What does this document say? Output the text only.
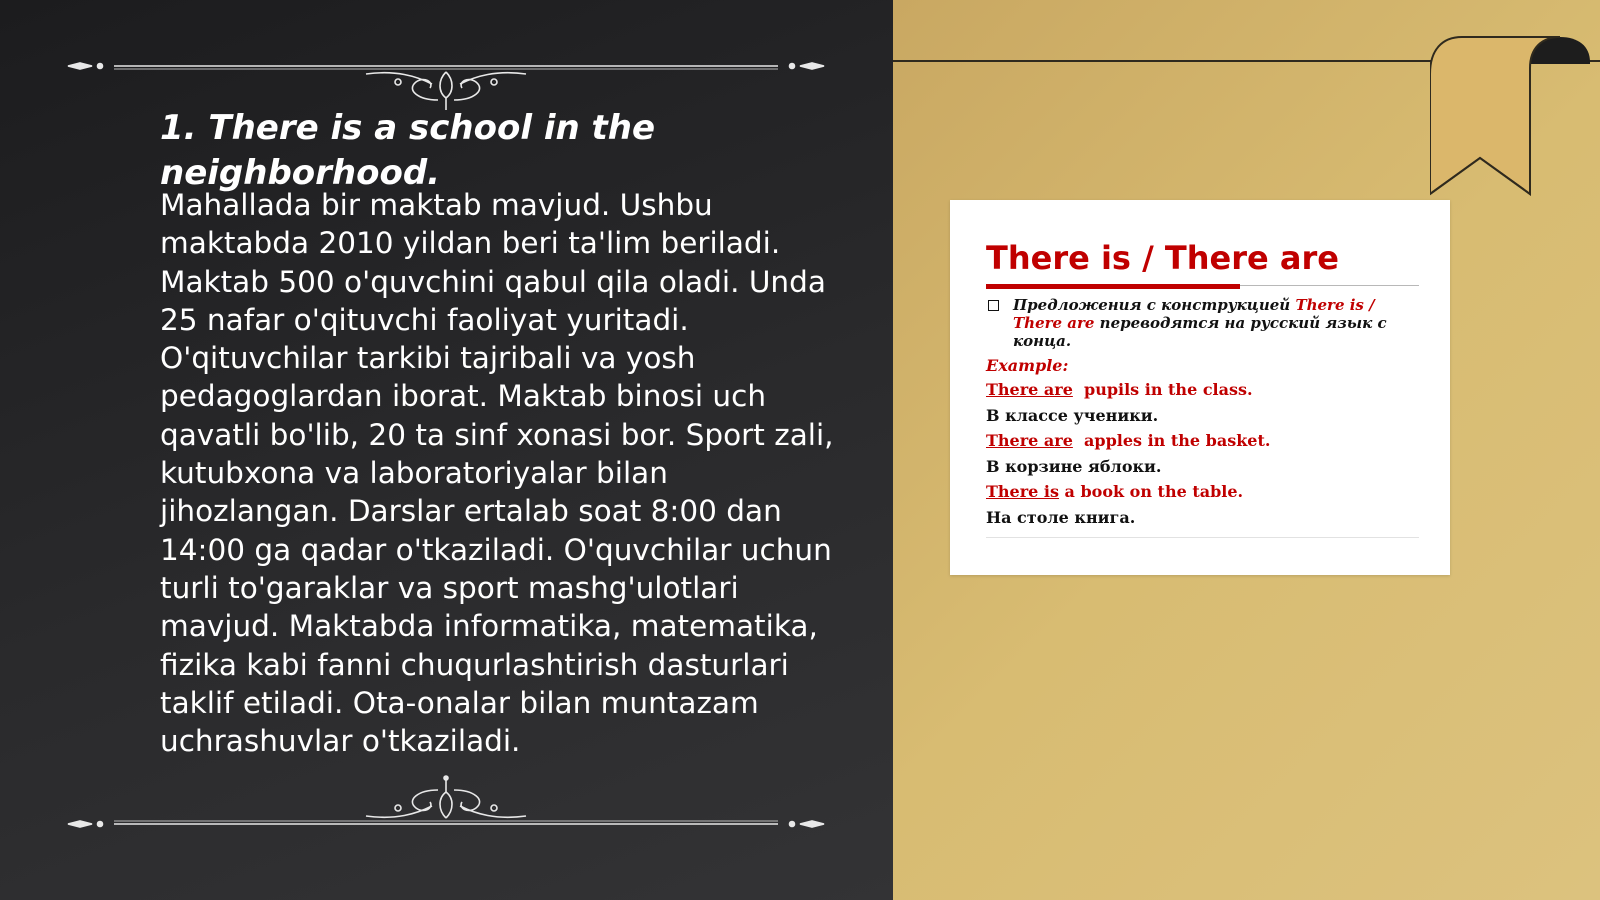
1. There is a school in the neighborhood.

Mahallada bir maktab mavjud. Ushbu maktabda 2010 yildan beri ta'lim beriladi. Maktab 500 o'quvchini qabul qila oladi. Unda 25 nafar o'qituvchi faoliyat yuritadi. O'qituvchilar tarkibi tajribali va yosh pedagoglardan iborat. Maktab binosi uch qavatli bo'lib, 20 ta sinf xonasi bor. Sport zali, kutubxona va laboratoriyalar bilan jihozlangan. Darslar ertalab soat 8:00 dan 14:00 ga qadar o'tkaziladi. O'quvchilar uchun turli to'garaklar va sport mashg'ulotlari mavjud. Maktabda informatika, matematika, fizika kabi fanni chuqurlashtirish dasturlari taklif etiladi. Ota-onalar bilan muntazam uchrashuvlar o'tkaziladi.

There is / There are

Предложения с конструкцией There is / There are переводятся на русский язык с конца.

Example:

There are  pupils in the class.

В классе ученики.

There are  apples in the basket.

В корзине яблоки.

There is a book on the table.

На столе книга.
